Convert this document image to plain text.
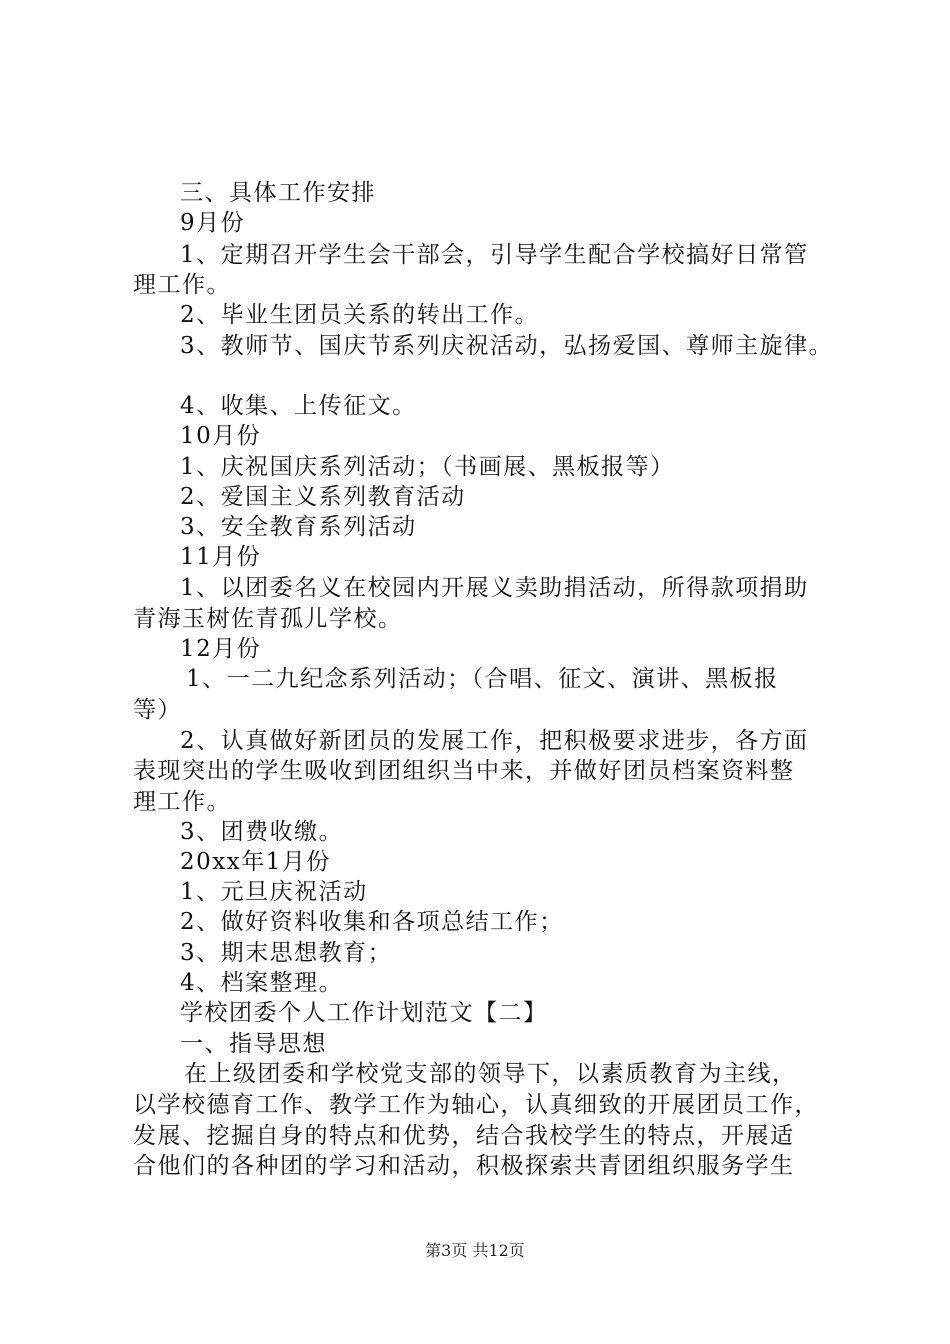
三、具体工作安排
9月份
1、定期召开学生会干部会，引导学生配合学校搞好日常管
理工作。
2、毕业生团员关系的转出工作。
3、教师节、国庆节系列庆祝活动，弘扬爱国、尊师主旋律。
4、收集、上传征文。
10月份
1、庆祝国庆系列活动；（书画展、黑板报等）
2、爱国主义系列教育活动
3、安全教育系列活动
11月份
1、以团委名义在校园内开展义卖助捐活动，所得款项捐助
青海玉树佐青孤儿学校。
12月份
1、一二九纪念系列活动；（合唱、征文、演讲、黑板报
等）
2、认真做好新团员的发展工作，把积极要求进步，各方面
表现突出的学生吸收到团组织当中来，并做好团员档案资料整
理工作。
3、团费收缴。
20xx年1月份
1、元旦庆祝活动
2、做好资料收集和各项总结工作；
3、期末思想教育；
4、档案整理。
学校团委个人工作计划范文【二】
一、指导思想
在上级团委和学校党支部的领导下，以素质教育为主线，
以学校德育工作、教学工作为轴心，认真细致的开展团员工作，
发展、挖掘自身的特点和优势，结合我校学生的特点，开展适
合他们的各种团的学习和活动，积极探索共青团组织服务学生
第3页 共12页
